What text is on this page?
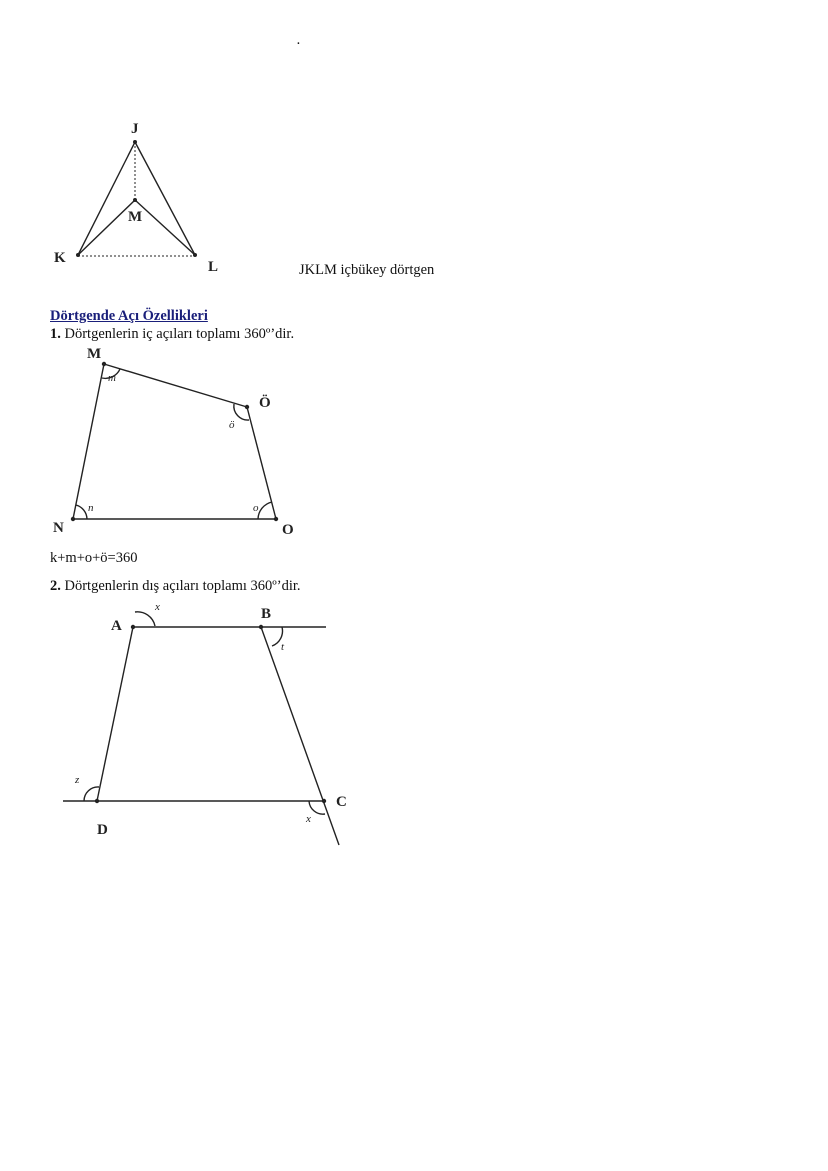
·
J
M
K
L	JKLM içbükey dörtgen
Dörtgende Açı Özellikleri
1. Dörtgenlerin iç açıları toplamı 360º’dir.
M
Ö
N	O
m
ö
n	o
k+m+o+ö=360
2. Dörtgenlerin dış açıları toplamı 360º’dir.
A
B
C
D
x
t
z
x
